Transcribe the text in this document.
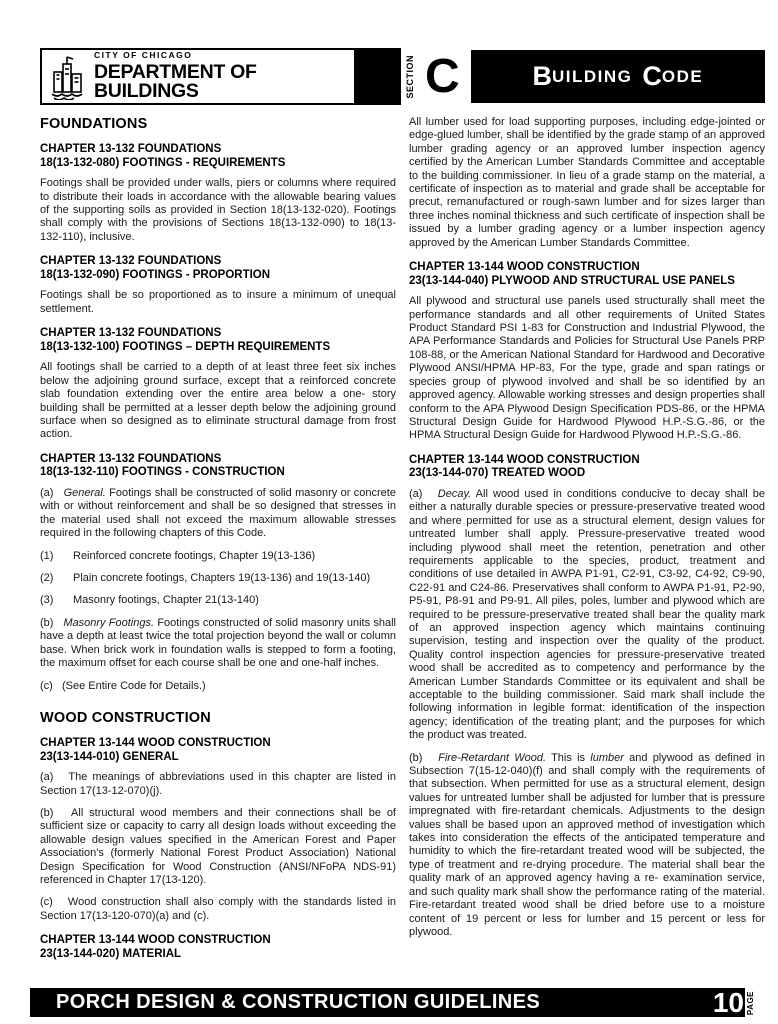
CITY OF CHICAGO
DEPARTMENT OF BUILDINGS	SECTION C	B UILDING C ODE
FOUNDATIONS
CHAPTER 13-132 FOUNDATIONS
18(13-132-080) FOOTINGS - REQUIREMENTS

Footings shall be provided under walls, piers or columns where required to distribute their loads in accordance with the allowable bearing values of the supporting soils as provided in Section 18(13-132-020). Footings shall comply with the provisions of Sections 18(13-132-090) to 18(13-132-110), inclusive.

CHAPTER 13-132 FOUNDATIONS
18(13-132-090) FOOTINGS - PROPORTION

Footings shall be so proportioned as to insure a minimum of unequal settlement.

CHAPTER 13-132 FOUNDATIONS
18(13-132-100) FOOTINGS – DEPTH REQUIREMENTS

All footings shall be carried to a depth of at least three feet six inches below the adjoining ground surface, except that a reinforced concrete slab foundation extending over the entire area below a one- story building shall be permitted at a lesser depth below the adjoining ground surface when so designed as to eliminate structural damage from frost action.

CHAPTER 13-132 FOUNDATIONS
18(13-132-110) FOOTINGS - CONSTRUCTION

(a)   General. Footings shall be constructed of solid masonry or concrete with or without reinforcement and shall be so designed that stresses in the material used shall not exceed the maximum allowable stresses required in the following chapters of this Code.

(1)	Reinforced concrete footings, Chapter 19(13-136)
(2)	Plain concrete footings, Chapters 19(13-136) and 19(13-140)
(3)	Masonry footings, Chapter 21(13-140)

(b)   Masonry Footings. Footings constructed of solid masonry units shall have a depth at least twice the total projection beyond the wall or column base. When brick work in foundation walls is stepped to form a footing, the maximum offset for each course shall be one and one-half inches.

(c)   (See Entire Code for Details.)

WOOD CONSTRUCTION
CHAPTER 13-144 WOOD CONSTRUCTION
23(13-144-010) GENERAL

(a)   The meanings of abbreviations used in this chapter are listed in Section 17(13-12-070)(j).

(b)   All structural wood members and their connections shall be of sufficient size or capacity to carry all design loads without exceeding the allowable design values specified in the American Forest and Paper Association's (formerly National Forest Product Association) National Design Specification for Wood Construction (ANSI/NFoPA NDS-91) referenced in Chapter 17(13-120).

(c)   Wood construction shall also comply with the standards listed in Section 17(13-120-070)(a) and (c).

CHAPTER 13-144 WOOD CONSTRUCTION
23(13-144-020) MATERIAL

All lumber used for load supporting purposes, including edge-jointed or edge-glued lumber, shall be identified by the grade stamp of an approved lumber grading agency or an approved lumber inspection agency certified by the American Lumber Standards Committee and acceptable to the building commissioner. In lieu of a grade stamp on the material, a certificate of inspection as to material and grade shall be acceptable for precut, remanufactured or rough-sawn lumber and for sizes larger than three inches nominal thickness and such certificate of inspection shall be issued by a lumber grading agency or a lumber inspection agency approved by the American Lumber Standards Committee.

CHAPTER 13-144 WOOD CONSTRUCTION
23(13-144-040) PLYWOOD AND STRUCTURAL USE PANELS

All plywood and structural use panels used structurally shall meet the performance standards and all other requirements of United States Product Standard PSI 1-83 for Construction and Industrial Plywood, the APA Performance Standards and Policies for Structural Use Panels PRP 108-88, or the American National Standard for Hardwood and Decorative Plywood ANSI/HPMA HP-83, For the type, grade and span ratings or species group of plywood involved and shall be so identified by an approved agency. Allowable working stresses and design properties shall conform to the APA Plywood Design Specification PDS-86, or the HPMA Structural Design Guide for Hardwood Plywood H.P.-S.G.-86, or the HPMA Structural Design Guide for Hardwood Plywood H.P.-S.G.-86.

CHAPTER 13-144 WOOD CONSTRUCTION
23(13-144-070) TREATED WOOD

(a)   Decay. All wood used in conditions conducive to decay shall be either a naturally durable species or pressure-preservative treated wood and where permitted for use as a structural element, design values for untreated lumber shall apply. Pressure-preservative treated wood including plywood shall meet the retention, penetration and other requirements applicable to the species, product, treatment and conditions of use detailed in AWPA P1-91, C2-91, C3-92, C4-92, C9-90, C22-91 and C24-86. Preservatives shall conform to AWPA P1-91, P2-90, P5-91, P8-91 and P9-91. All piles, poles, lumber and plywood which are required to be pressure-preservative treated shall bear the quality mark of an approved inspection agency which maintains continuing supervision, testing and inspection over the quality of the product. Quality control inspection agencies for pressure-preservative treated wood shall be accredited as to competency and performance by the American Lumber Standards Committee or its equivalent and shall be acceptable to the building commissioner. Said mark shall include the following information in legible format: identification of the inspection agency; identification of the treating plant; and the purposes for which the product was treated.

(b)   Fire-Retardant Wood. This is lumber and plywood as defined in Subsection 7(15-12-040)(f) and shall comply with the requirements of that subsection. When permitted for use as a structural element, design values for untreated lumber shall be adjusted for lumber that is pressure impregnated with fire-retardant chemicals. Adjustments to the design values shall be based upon an approved method of investigation which takes into consideration the effects of the anticipated temperature and humidity to which the fire-retardant treated wood will be subjected, the type of treatment and re-drying procedure. The material shall bear the quality mark of an approved agency having a re- examination service, and such quality mark shall show the performance rating of the material. Fire-retardant treated wood shall be dried before use to a moisture content of 19 percent or less for lumber and 15 percent or less for plywood.

PORCH DESIGN & CONSTRUCTION GUIDELINES	10 PAGE
